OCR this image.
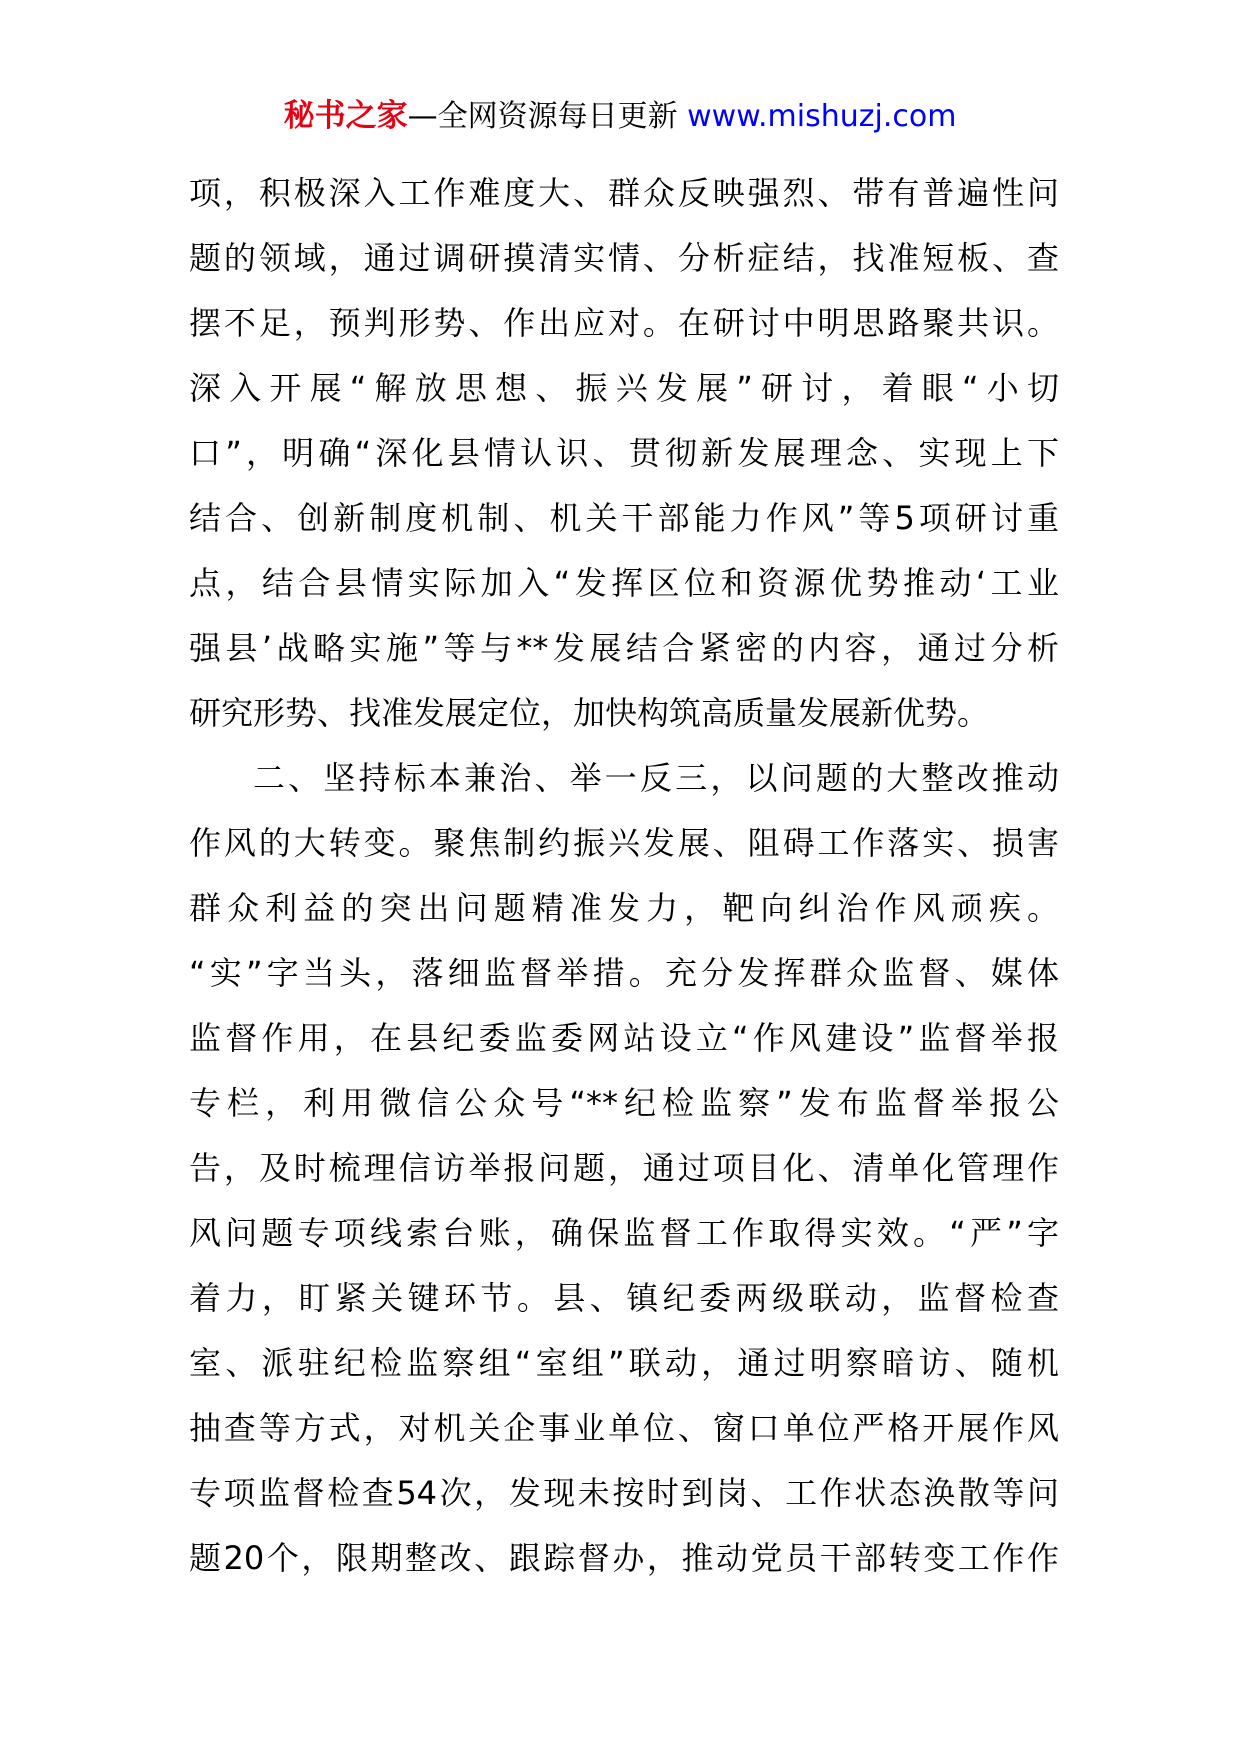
秘书之家—全网资源每日更新 www.mishuzj.com
项，积极深入工作难度大、群众反映强烈、带有普遍性问
题的领域，通过调研摸清实情、分析症结，找准短板、查
摆不足，预判形势、作出应对。在研讨中明思路聚共识。
深入开展“解放思想、振兴发展”研讨，着眼“小切
口”，明确“深化县情认识、贯彻新发展理念、实现上下
结合、创新制度机制、机关干部能力作风”等5项研讨重
点，结合县情实际加入“发挥区位和资源优势推动‘工业
强县’战略实施”等与**发展结合紧密的内容，通过分析
研究形势、找准发展定位，加快构筑高质量发展新优势。
二、坚持标本兼治、举一反三，以问题的大整改推动
作风的大转变。聚焦制约振兴发展、阻碍工作落实、损害
群众利益的突出问题精准发力，靶向纠治作风顽疾。
“实”字当头，落细监督举措。充分发挥群众监督、媒体
监督作用，在县纪委监委网站设立“作风建设”监督举报
专栏，利用微信公众号“**纪检监察”发布监督举报公
告，及时梳理信访举报问题，通过项目化、清单化管理作
风问题专项线索台账，确保监督工作取得实效。“严”字
着力，盯紧关键环节。县、镇纪委两级联动，监督检查
室、派驻纪检监察组“室组”联动，通过明察暗访、随机
抽查等方式，对机关企事业单位、窗口单位严格开展作风
专项监督检查54次，发现未按时到岗、工作状态涣散等问
题20个，限期整改、跟踪督办，推动党员干部转变工作作
